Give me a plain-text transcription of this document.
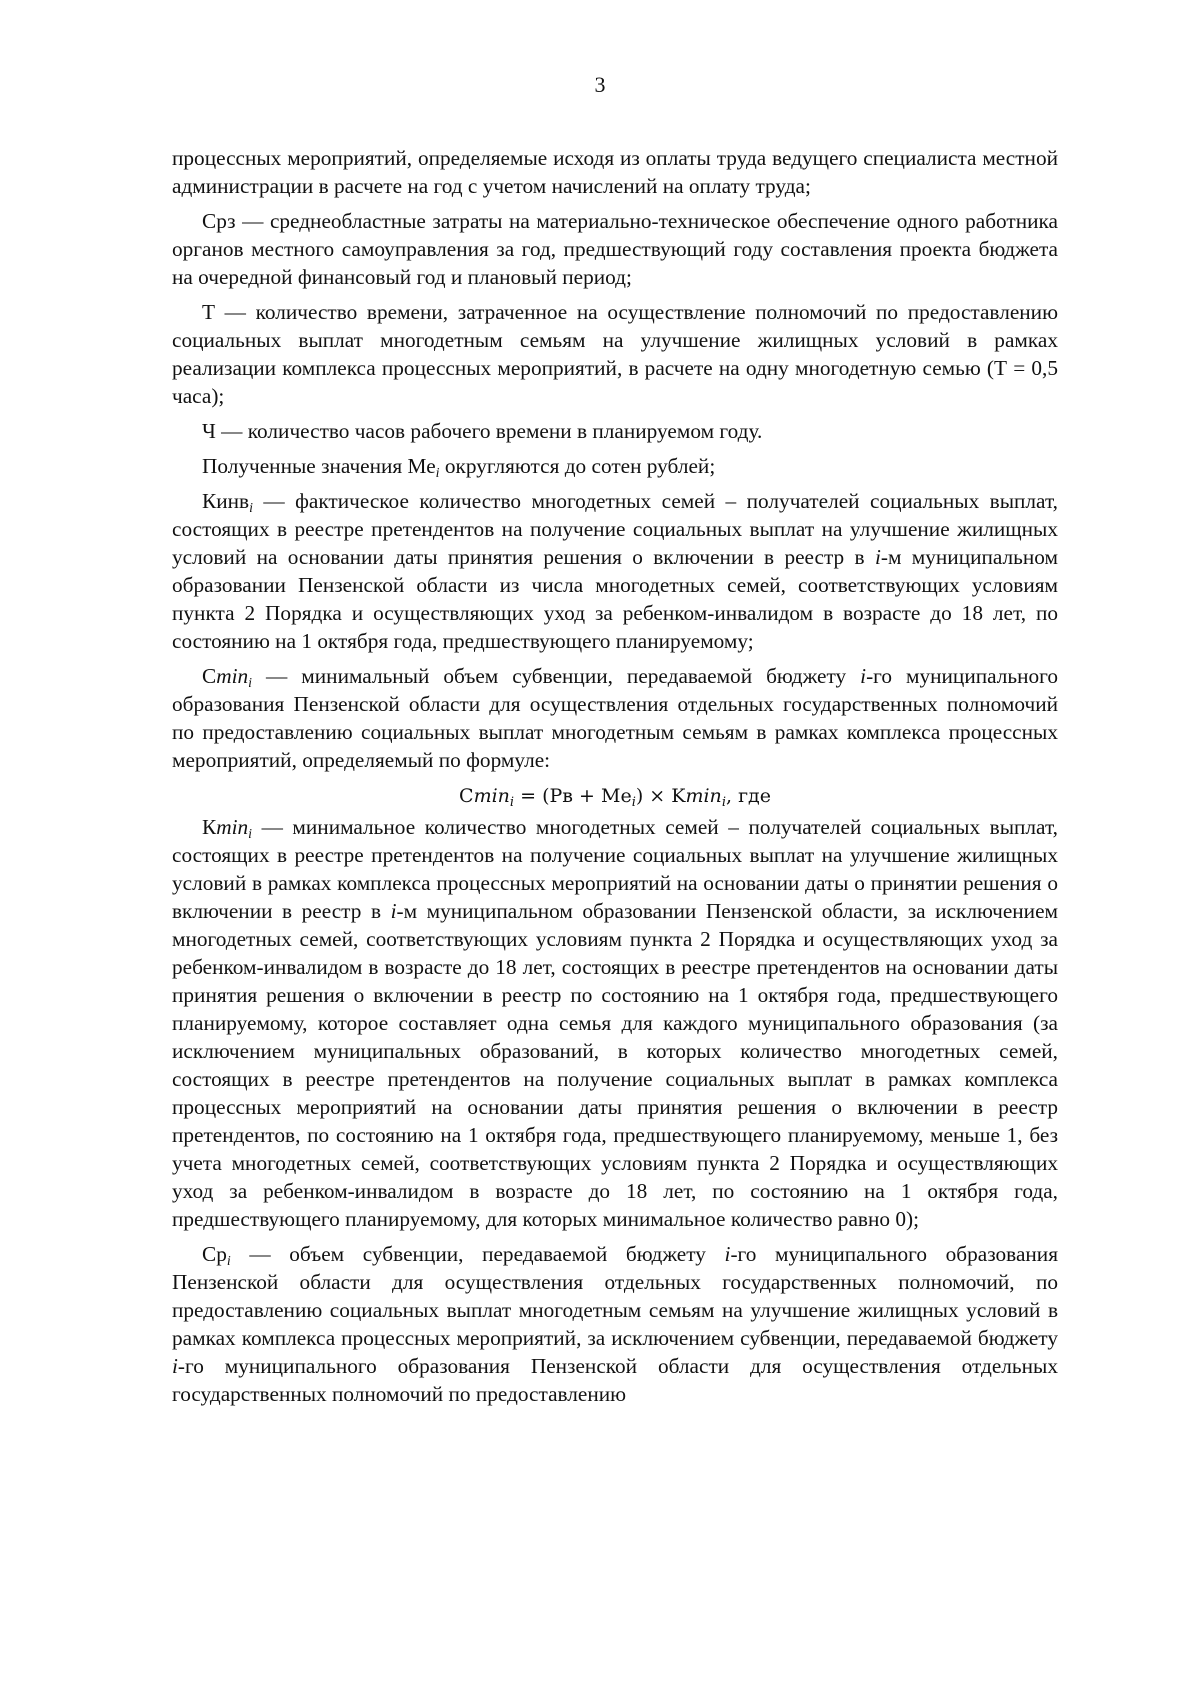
3

процессных мероприятий, определяемые исходя из оплаты труда ведущего специалиста местной администрации в расчете на год с учетом начислений на оплату труда;

Срз — среднеобластные затраты на материально-техническое обеспечение одного работника органов местного самоуправления за год, предшествующий году составления проекта бюджета на очередной финансовый год и плановый период;

Т — количество времени, затраченное на осуществление полномочий по предоставлению социальных выплат многодетным семьям на улучшение жилищных условий в рамках реализации комплекса процессных мероприятий, в расчете на одну многодетную семью (Т = 0,5 часа);

Ч — количество часов рабочего времени в планируемом году.

Полученные значения $Ме_i$ округляются до сотен рублей;

Кинв$_i$ — фактическое количество многодетных семей – получателей социальных выплат, состоящих в реестре претендентов на получение социальных выплат на улучшение жилищных условий на основании даты принятия решения о включении в реестр в i-м муниципальном образовании Пензенской области из числа многодетных семей, соответствующих условиям пункта 2 Порядка и осуществляющих уход за ребенком-инвалидом в возрасте до 18 лет, по состоянию на 1 октября года, предшествующего планируемому;

Сmin$_i$ — минимальный объем субвенции, передаваемой бюджету i-го муниципального образования Пензенской области для осуществления отдельных государственных полномочий по предоставлению социальных выплат многодетным семьям в рамках комплекса процессных мероприятий, определяемый по формуле:

$Cmin_i = (Рв + Ме_i) \times Kmin_i$, где

Кmin$_i$ — минимальное количество многодетных семей – получателей социальных выплат, состоящих в реестре претендентов на получение социальных выплат на улучшение жилищных условий в рамках комплекса процессных мероприятий на основании даты о принятии решения о включении в реестр в i-м муниципальном образовании Пензенской области, за исключением многодетных семей, соответствующих условиям пункта 2 Порядка и осуществляющих уход за ребенком-инвалидом в возрасте до 18 лет, состоящих в реестре претендентов на основании даты принятия решения о включении в реестр по состоянию на 1 октября года, предшествующего планируемому, которое составляет одна семья для каждого муниципального образования (за исключением муниципальных образований, в которых количество многодетных семей, состоящих в реестре претендентов на получение социальных выплат в рамках комплекса процессных мероприятий на основании даты принятия решения о включении в реестр претендентов, по состоянию на 1 октября года, предшествующего планируемому, меньше 1, без учета многодетных семей, соответствующих условиям пункта 2 Порядка и осуществляющих уход за ребенком-инвалидом в возрасте до 18 лет, по состоянию на 1 октября года, предшествующего планируемому, для которых минимальное количество равно 0);

$Ср_i$ — объем субвенции, передаваемой бюджету i-го муниципального образования Пензенской области для осуществления отдельных государственных полномочий, по предоставлению социальных выплат многодетным семьям на улучшение жилищных условий в рамках комплекса процессных мероприятий, за исключением субвенции, передаваемой бюджету i-го муниципального образования Пензенской области для осуществления отдельных государственных полномочий по предоставлению
